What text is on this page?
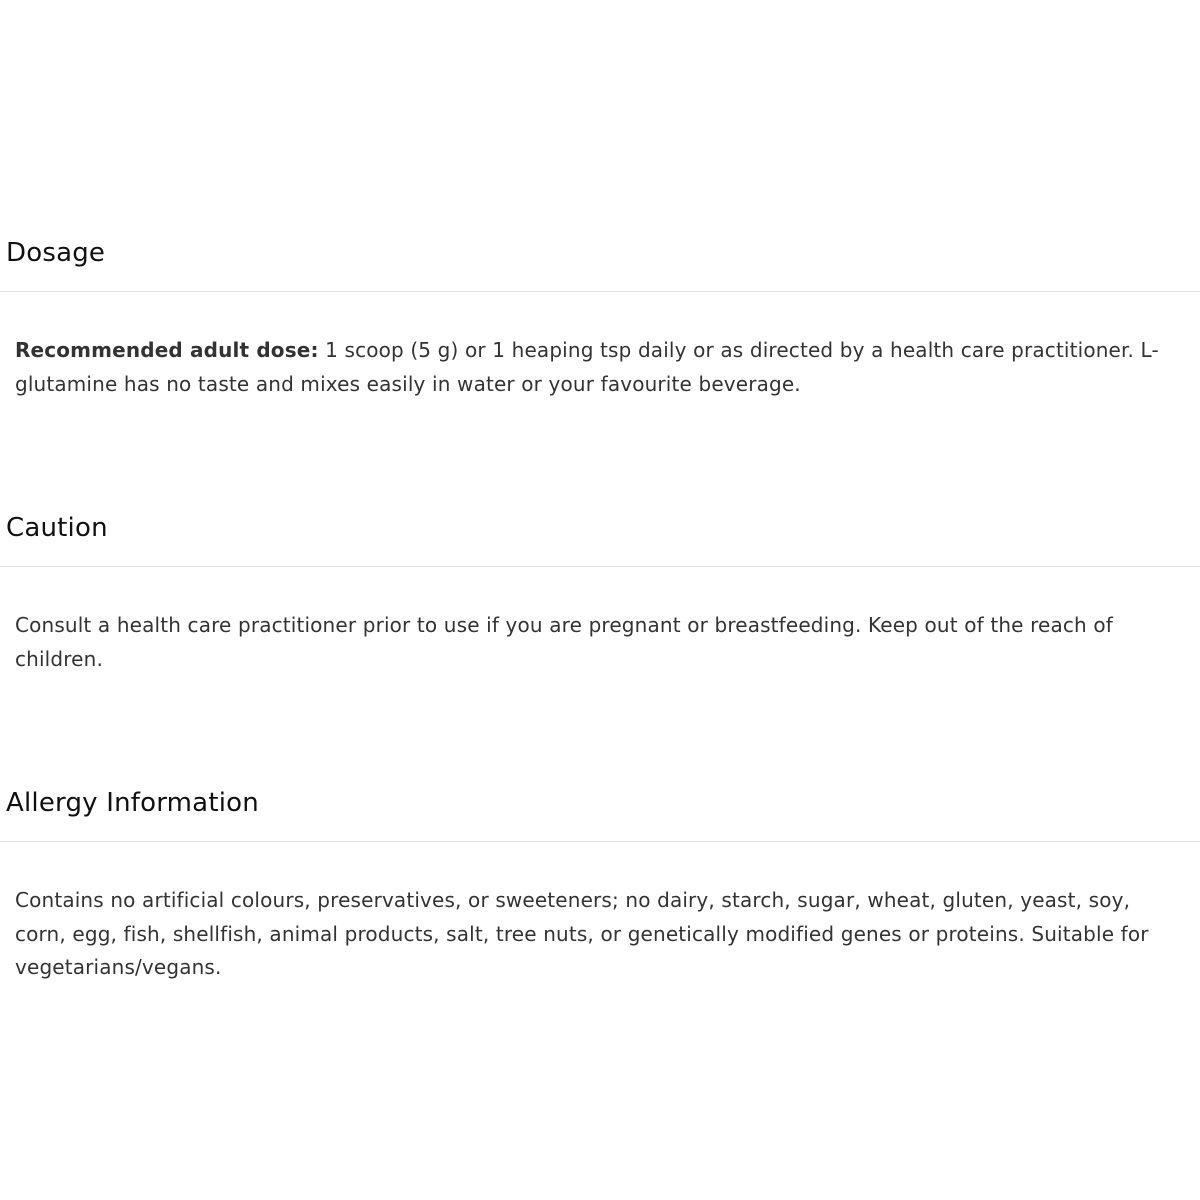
Dosage

Recommended adult dose: 1 scoop (5 g) or 1 heaping tsp daily or as directed by a health care practitioner. L-glutamine has no taste and mixes easily in water or your favourite beverage.

Caution

Consult a health care practitioner prior to use if you are pregnant or breastfeeding. Keep out of the reach of children.

Allergy Information

Contains no artificial colours, preservatives, or sweeteners; no dairy, starch, sugar, wheat, gluten, yeast, soy, corn, egg, fish, shellfish, animal products, salt, tree nuts, or genetically modified genes or proteins. Suitable for vegetarians/vegans.
